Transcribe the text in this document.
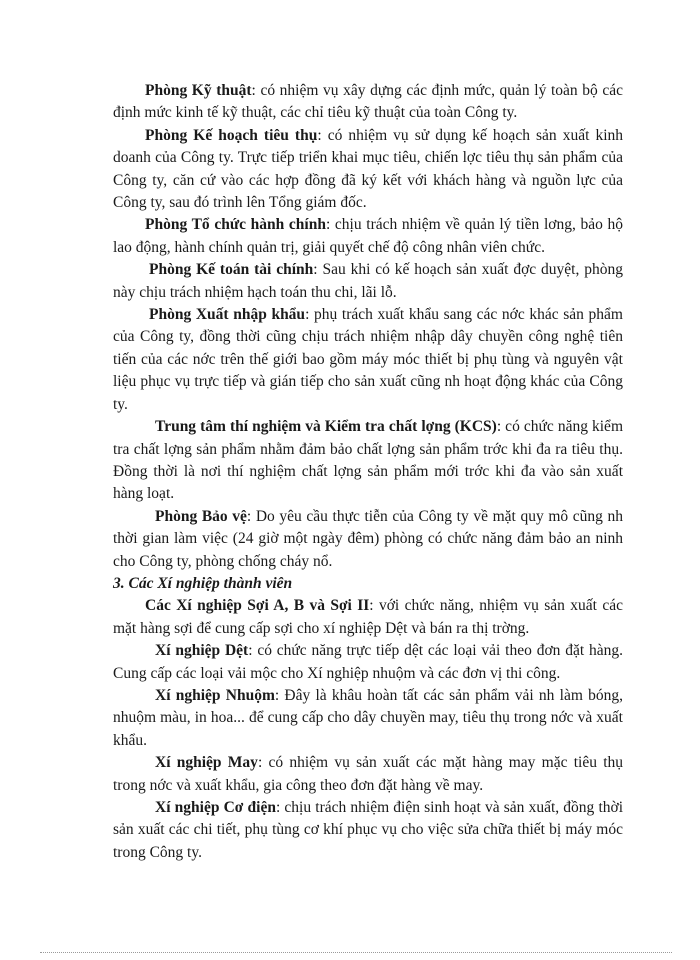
Phòng Kỹ thuật: có nhiệm vụ xây dựng các định mức, quản lý toàn bộ các định mức kinh tế kỹ thuật, các chỉ tiêu kỹ thuật của toàn Công ty.

Phòng Kế hoạch tiêu thụ: có nhiệm vụ sử dụng kế hoạch sản xuất kinh doanh của Công ty. Trực tiếp triển khai mục tiêu, chiến lợc tiêu thụ sản phẩm của Công ty, căn cứ vào các hợp đồng đã ký kết với khách hàng và nguồn lực của Công ty, sau đó trình lên Tổng giám đốc.

Phòng Tổ chức hành chính: chịu trách nhiệm về quản lý tiền lơng, bảo hộ lao động, hành chính quản trị, giải quyết chế độ công nhân viên chức.

Phòng Kế toán tài chính: Sau khi có kế hoạch sản xuất đợc duyệt, phòng này chịu trách nhiệm hạch toán thu chi, lãi lỗ.

Phòng Xuất nhập khẩu: phụ trách xuất khẩu sang các nớc khác sản phẩm của Công ty, đồng thời cũng chịu trách nhiệm nhập dây chuyền công nghệ tiên tiến của các nớc trên thế giới bao gồm máy móc thiết bị phụ tùng và nguyên vật liệu phục vụ trực tiếp và gián tiếp cho sản xuất cũng nh hoạt động khác của Công ty.

Trung tâm thí nghiệm và Kiểm tra chất lợng (KCS): có chức năng kiểm tra chất lợng sản phẩm nhằm đảm bảo chất lợng sản phẩm trớc khi đa ra tiêu thụ. Đồng thời là nơi thí nghiệm chất lợng sản phẩm mới trớc khi đa vào sản xuất hàng loạt.

Phòng Bảo vệ: Do yêu cầu thực tiễn của Công ty về mặt quy mô cũng nh thời gian làm việc (24 giờ một ngày đêm) phòng có chức năng đảm bảo an ninh cho Công ty, phòng chống cháy nổ.

3. Các Xí nghiệp thành viên

Các Xí nghiệp Sợi A, B và Sợi II: với chức năng, nhiệm vụ sản xuất các mặt hàng sợi để cung cấp sợi cho xí nghiệp Dệt và bán ra thị trờng.

Xí nghiệp Dệt: có chức năng trực tiếp dệt các loại vải theo đơn đặt hàng. Cung cấp các loại vải mộc cho Xí nghiệp nhuộm và các đơn vị thi công.

Xí nghiệp Nhuộm: Đây là khâu hoàn tất các sản phẩm vải nh làm bóng, nhuộm màu, in hoa... để cung cấp cho dây chuyền may, tiêu thụ trong nớc và xuất khẩu.

Xí nghiệp May: có nhiệm vụ sản xuất các mặt hàng may mặc tiêu thụ trong nớc và xuất khẩu, gia công theo đơn đặt hàng về may.

Xí nghiệp Cơ điện: chịu trách nhiệm điện sinh hoạt và sản xuất, đồng thời sản xuất các chi tiết, phụ tùng cơ khí phục vụ cho việc sửa chữa thiết bị máy móc trong Công ty.
